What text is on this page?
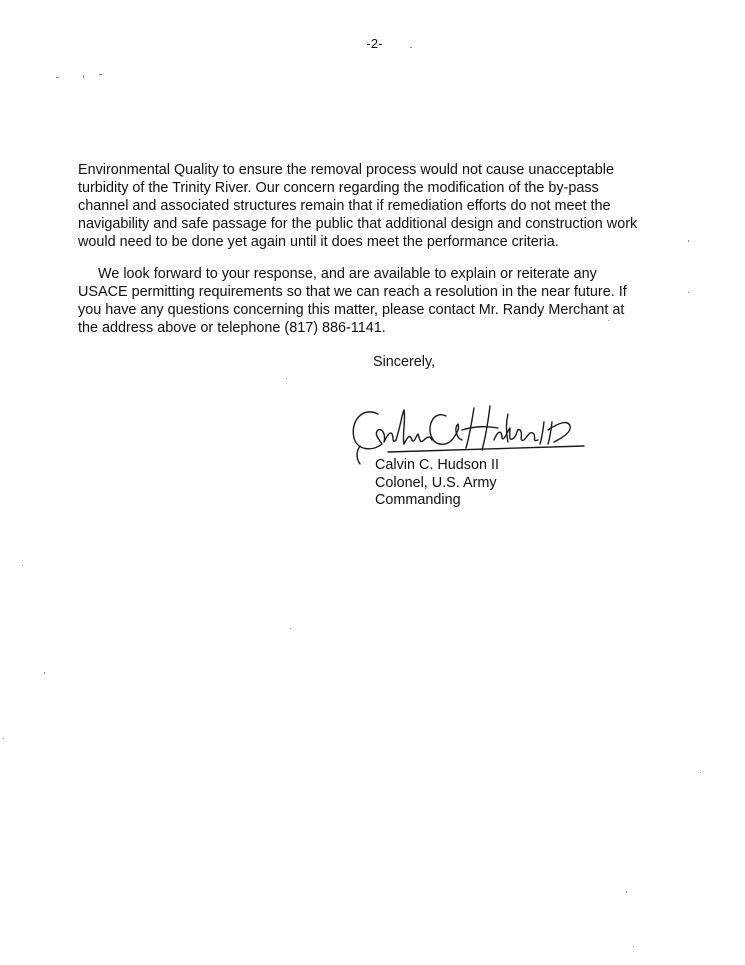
-2-
Environmental Quality to ensure the removal process would not cause unacceptable
turbidity of the Trinity River. Our concern regarding the modification of the by-pass
channel and associated structures remain that if remediation efforts do not meet the
navigability and safe passage for the public that additional design and construction work
would need to be done yet again until it does meet the performance criteria.
We look forward to your response, and are available to explain or reiterate any
USACE permitting requirements so that we can reach a resolution in the near future. If
you have any questions concerning this matter, please contact Mr. Randy Merchant at
the address above or telephone (817) 886-1141.
Sincerely,
Calvin C. Hudson II
Colonel, U.S. Army
Commanding
